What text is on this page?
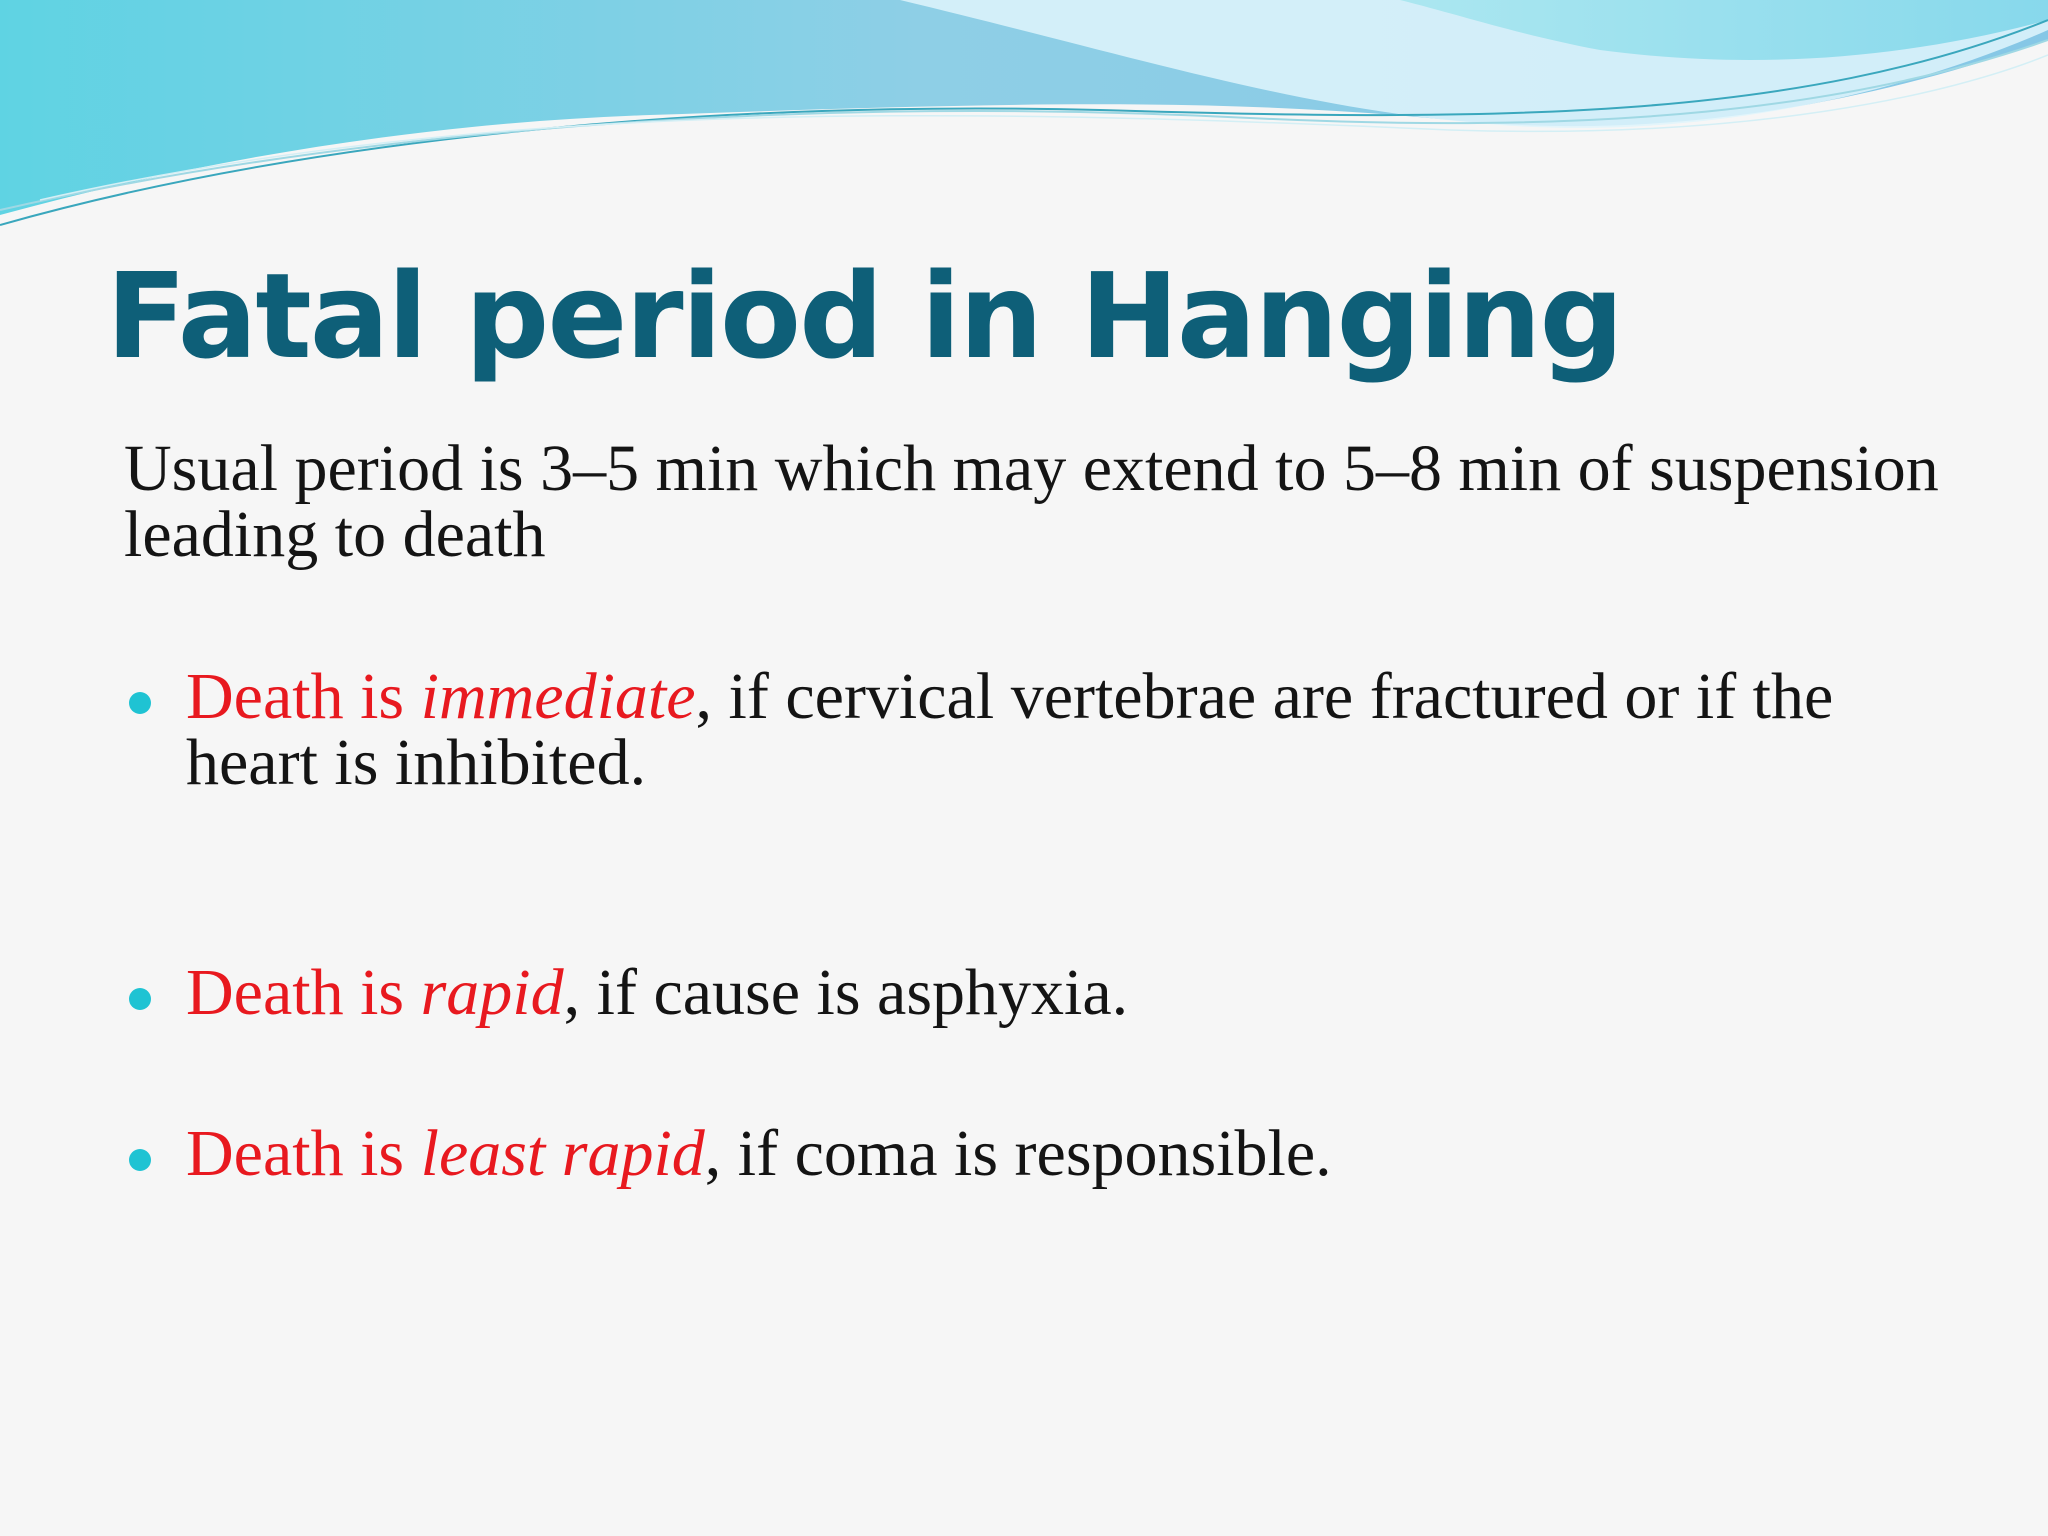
Fatal period in Hanging

Usual period is 3–5 min which may extend to 5–8 min of suspension leading to death

Death is immediate, if cervical vertebrae are fractured or if the heart is inhibited.
Death is rapid, if cause is asphyxia.
Death is least rapid, if coma is responsible.
